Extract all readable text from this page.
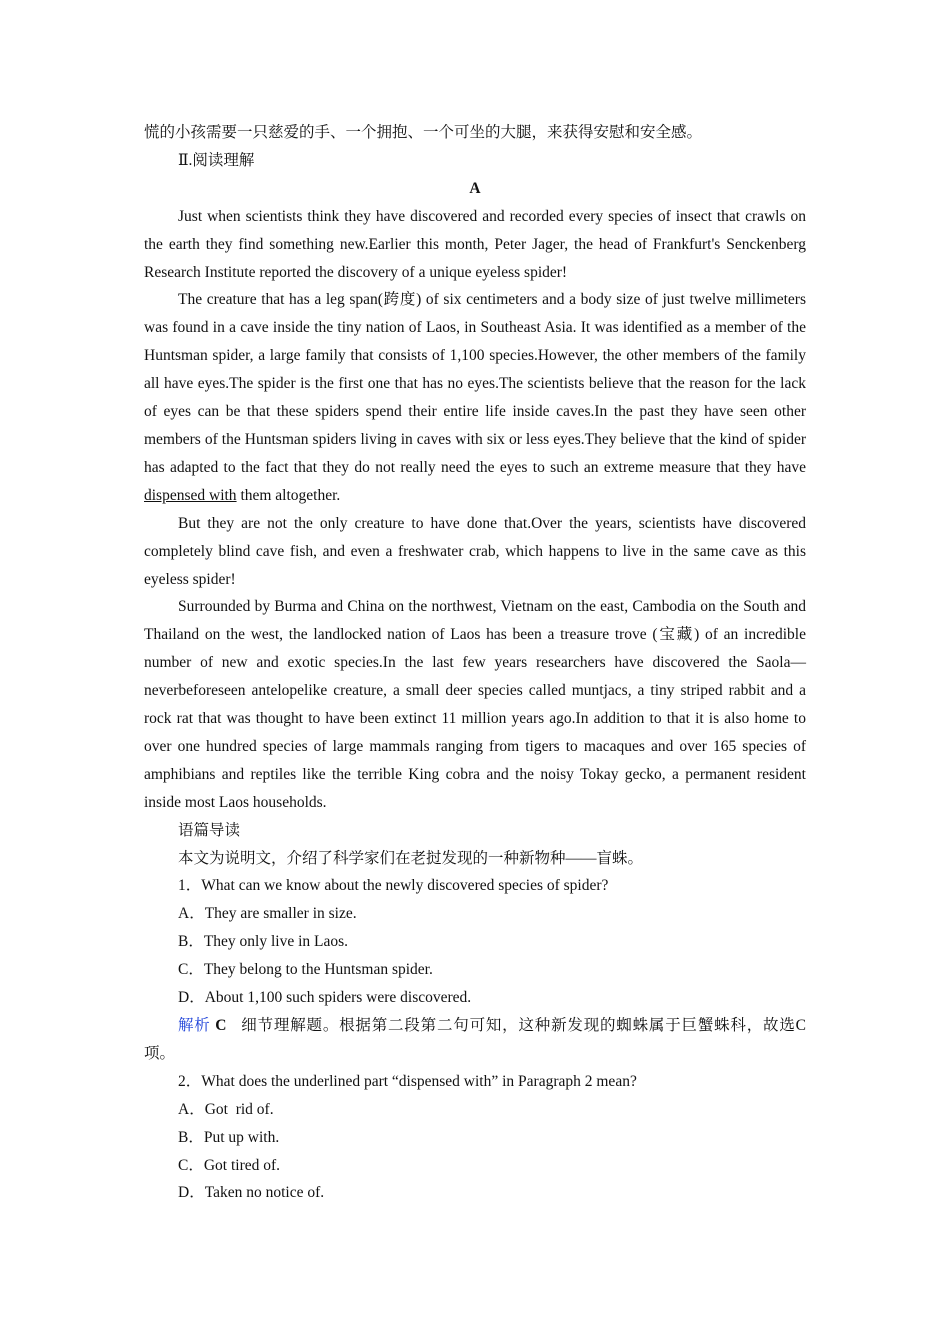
慌的小孩需要一只慈爱的手、一个拥抱、一个可坐的大腿，来获得安慰和安全感。

Ⅱ.阅读理解

A

Just when scientists think they have discovered and recorded every species of insect that crawls on the earth they find something new.Earlier this month, Peter Jager, the head of Frankfurt's Senckenberg Research Institute reported the discovery of a unique eyeless spider!

The creature that has a leg span(跨度) of six centimeters and a body size of just twelve millimeters was found in a cave inside the tiny nation of Laos, in Southeast Asia. It was identified as a member of the Huntsman spider, a large family that consists of 1,100 species.However, the other members of the family all have eyes.The spider is the first one that has no eyes.The scientists believe that the reason for the lack of eyes can be that these spiders spend their entire life inside caves.In the past they have seen other members of the Huntsman spiders living in caves with six or less eyes.They believe that the kind of spider has adapted to the fact that they do not really need the eyes to such an extreme measure that they have dispensed with them altogether.

But they are not the only creature to have done that.Over the years, scientists have discovered completely blind cave fish, and even a freshwater crab, which happens to live in the same cave as this eyeless spider!

Surrounded by Burma and China on the northwest, Vietnam on the east, Cambodia on the South and Thailand on the west, the landlocked nation of Laos has been a treasure trove (宝藏) of an incredible number of new and exotic species.In the last few years researchers have discovered the Saola—neverbeforeseen antelopelike creature, a small deer species called muntjacs, a tiny striped rabbit and a rock rat that was thought to have been extinct 11 million years ago.In addition to that it is also home to over one hundred species of large mammals ranging from tigers to macaques and over 165 species of amphibians and reptiles like the terrible King cobra and the noisy Tokay gecko, a permanent resident inside most Laos households.

语篇导读

本文为说明文，介绍了科学家们在老挝发现的一种新物种——盲蛛。

1．What can we know about the newly discovered species of spider?

A．They are smaller in size.

B．They only live in Laos.

C．They belong to the Huntsman spider.

D．About 1,100 such spiders were discovered.

解析 C 细节理解题。根据第二段第二句可知，这种新发现的蜘蛛属于巨蟹蛛科，故选C项。

2．What does the underlined part “dispensed with” in Paragraph 2 mean?

A．Got  rid of.

B．Put up with.

C．Got tired of.

D．Taken no notice of.
